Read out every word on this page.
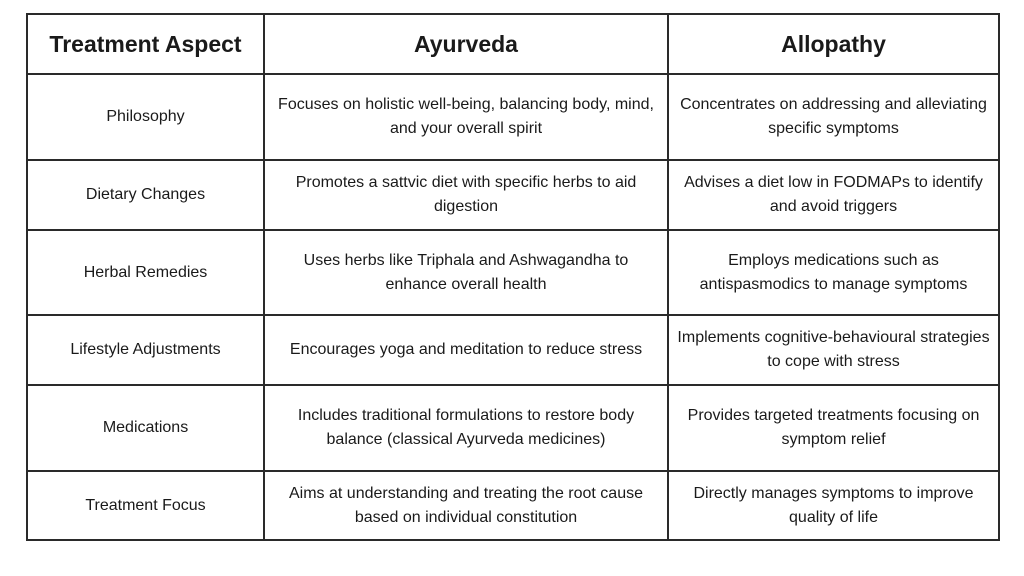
Treatment Aspect	Ayurveda	Allopathy
Philosophy	Focuses on holistic well-being, balancing body, mind, and your overall spirit	Concentrates on addressing and alleviating specific symptoms
Dietary Changes	Promotes a sattvic diet with specific herbs to aid digestion	Advises a diet low in FODMAPs to identify and avoid triggers
Herbal Remedies	Uses herbs like Triphala and Ashwagandha to enhance overall health	Employs medications such as antispasmodics to manage symptoms
Lifestyle Adjustments	Encourages yoga and meditation to reduce stress	Implements cognitive-behavioural strategies to cope with stress
Medications	Includes traditional formulations to restore body balance (classical Ayurveda medicines)	Provides targeted treatments focusing on symptom relief
Treatment Focus	Aims at understanding and treating the root cause based on individual constitution	Directly manages symptoms to improve quality of life
